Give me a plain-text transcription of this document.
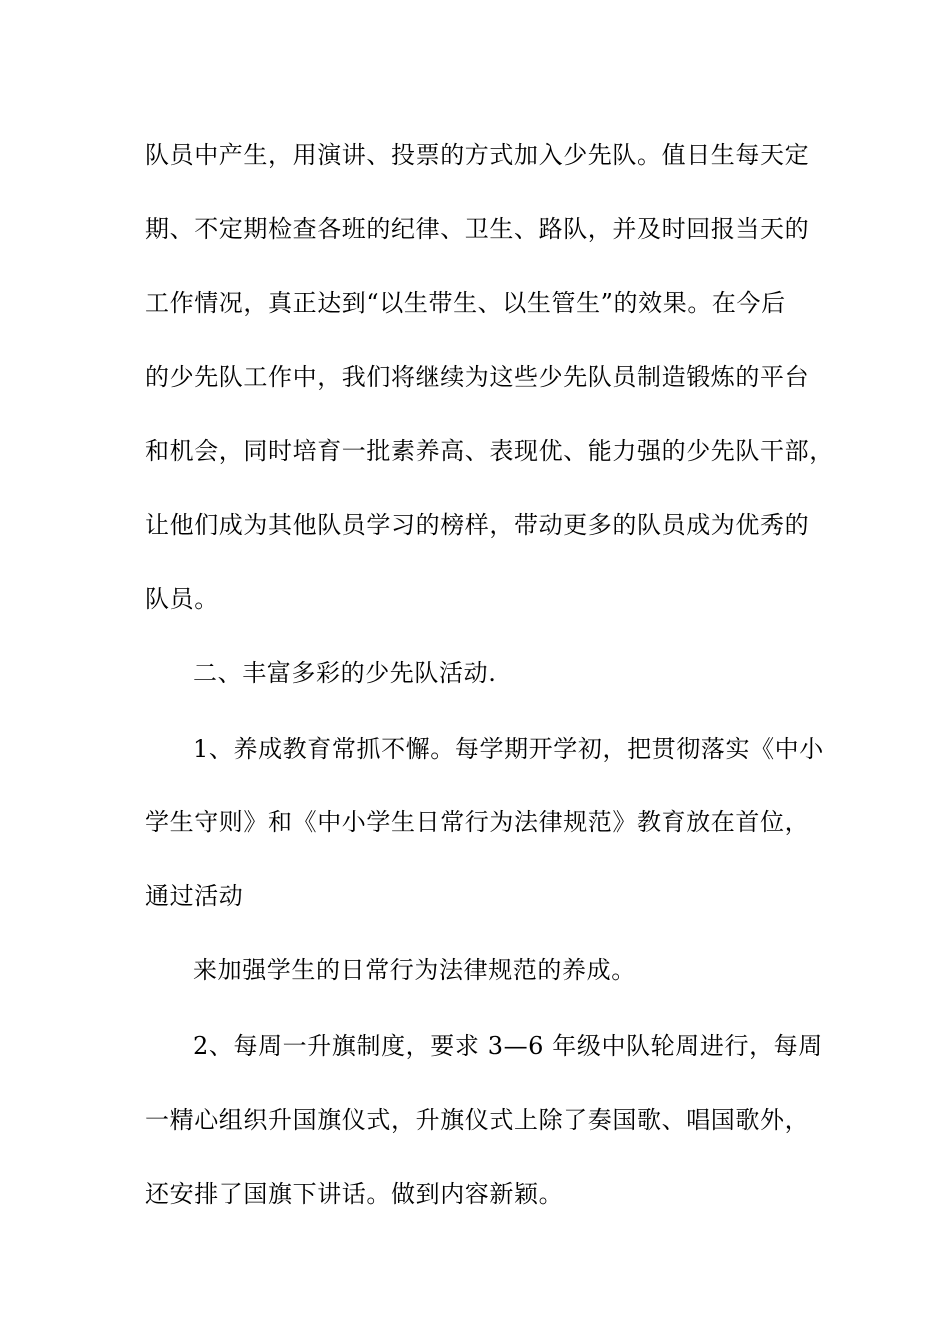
队员中产生，用演讲、投票的方式加入少先队。值日生每天定
期、不定期检查各班的纪律、卫生、路队，并及时回报当天的
工作情况，真正达到“以生带生、以生管生”的效果。在今后
的少先队工作中，我们将继续为这些少先队员制造锻炼的平台
和机会，同时培育一批素养高、表现优、能力强的少先队干部，
让他们成为其他队员学习的榜样，带动更多的队员成为优秀的
队员。
二、丰富多彩的少先队活动.
1、养成教育常抓不懈。每学期开学初，把贯彻落实《中小
学生守则》和《中小学生日常行为法律规范》教育放在首位，
通过活动
来加强学生的日常行为法律规范的养成。
2、每周一升旗制度，要求 3—6 年级中队轮周进行，每周
一精心组织升国旗仪式，升旗仪式上除了奏国歌、唱国歌外，
还安排了国旗下讲话。做到内容新颖。
